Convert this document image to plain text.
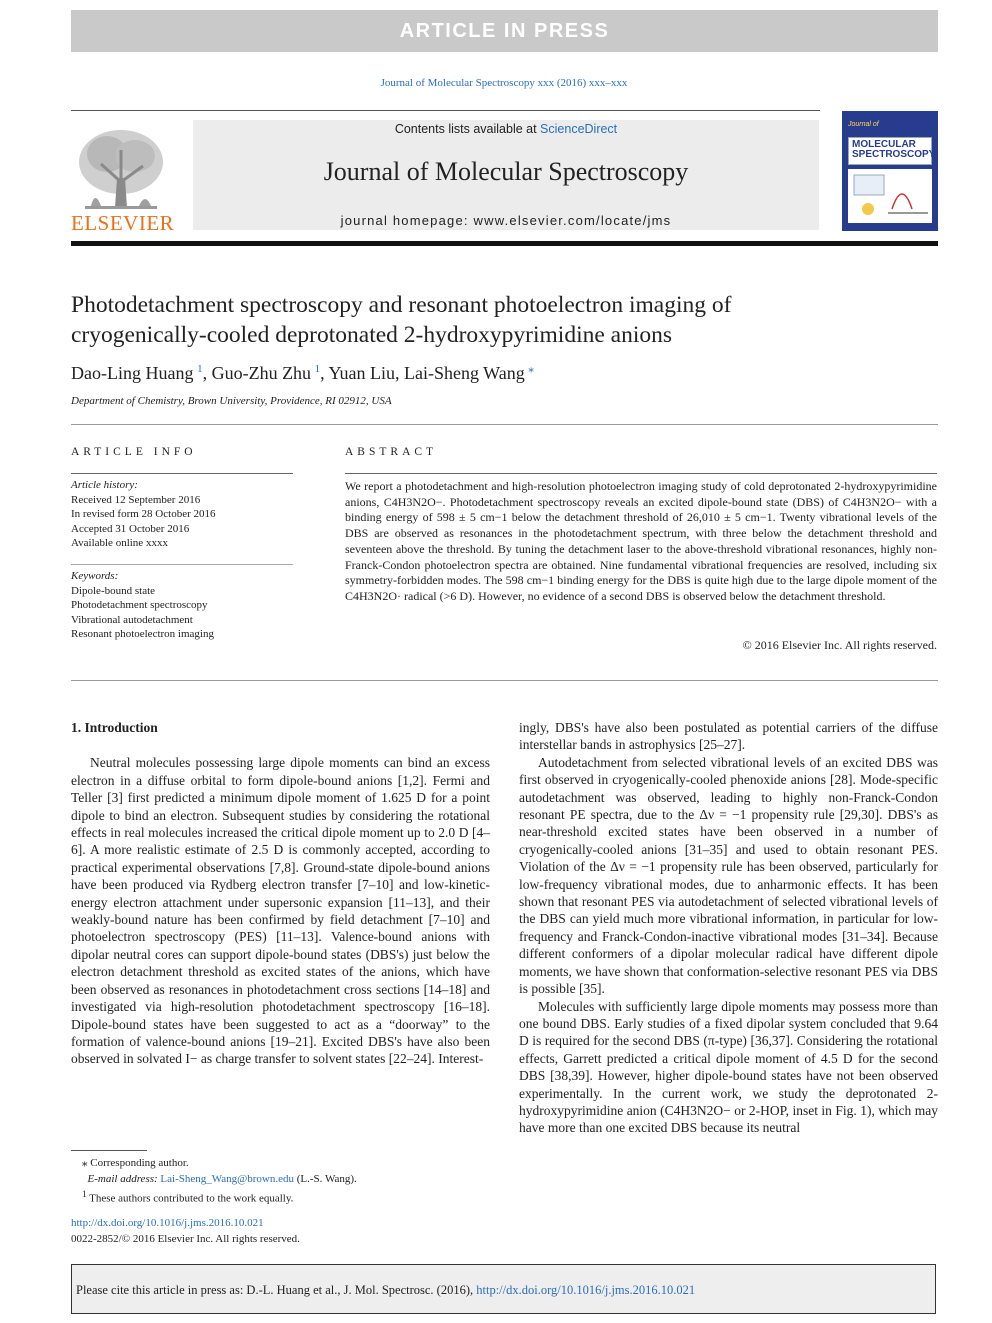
ARTICLE IN PRESS
Journal of Molecular Spectroscopy xxx (2016) xxx–xxx
ELSEVIER
Contents lists available at ScienceDirect
Journal of Molecular Spectroscopy
journal homepage: www.elsevier.com/locate/jms
Journal of
MOLECULAR
SPECTROSCOPY
Photodetachment spectroscopy and resonant photoelectron imaging of
cryogenically-cooled deprotonated 2-hydroxypyrimidine anions
Dao-Ling Huang  $^1$, Guo-Zhu Zhu  $^1$, Yuan Liu, Lai-Sheng Wang  ⁎
Department of Chemistry, Brown University, Providence, RI 02912, USA
ARTICLE INFO	ABSTRACT
Article history:
Received 12 September 2016
In revised form 28 October 2016
Accepted 31 October 2016
Available online xxxx
Keywords:
Dipole-bound state
Photodetachment spectroscopy
Vibrational autodetachment
Resonant photoelectron imaging
We report a photodetachment and high-resolution photoelectron imaging study of cold deprotonated 2-hydroxypyrimidine anions, C4H3N2O−. Photodetachment spectroscopy reveals an excited dipole-bound state (DBS) of C4H3N2O− with a binding energy of 598 ± 5 cm−1 below the detachment threshold of 26,010 ± 5 cm−1. Twenty vibrational levels of the DBS are observed as resonances in the photodetachment spectrum, with three below the detachment threshold and seventeen above the threshold. By tuning the detachment laser to the above-threshold vibrational resonances, highly non-Franck-Condon photoelectron spectra are obtained. Nine fundamental vibrational frequencies are resolved, including six symmetry-forbidden modes. The 598 cm−1 binding energy for the DBS is quite high due to the large dipole moment of the C4H3N2O· radical (>6 D). However, no evidence of a second DBS is observed below the detachment threshold.
© 2016 Elsevier Inc. All rights reserved.
1. Introduction

Neutral molecules possessing large dipole moments can bind an excess electron in a diffuse orbital to form dipole-bound anions [1,2]. Fermi and Teller [3] first predicted a minimum dipole moment of 1.625 D for a point dipole to bind an electron. Subsequent studies by considering the rotational effects in real molecules increased the critical dipole moment up to 2.0 D [4–6]. A more realistic estimate of 2.5 D is commonly accepted, according to practical experimental observations [7,8]. Ground-state dipole-bound anions have been produced via Rydberg electron transfer [7–10] and low-kinetic-energy electron attachment under supersonic expansion [11–13], and their weakly-bound nature has been confirmed by field detachment [7–10] and photoelectron spectroscopy (PES) [11–13]. Valence-bound anions with dipolar neutral cores can support dipole-bound states (DBS's) just below the electron detachment threshold as excited states of the anions, which have been observed as resonances in photodetachment cross sections [14–18] and investigated via high-resolution photodetachment spectroscopy [16–18]. Dipole-bound states have been suggested to act as a “doorway” to the formation of valence-bound anions [19–21]. Excited DBS's have also been observed in solvated I− as charge transfer to solvent states [22–24]. Interest-

ingly, DBS's have also been postulated as potential carriers of the diffuse interstellar bands in astrophysics [25–27].

Autodetachment from selected vibrational levels of an excited DBS was first observed in cryogenically-cooled phenoxide anions [28]. Mode-specific autodetachment was observed, leading to highly non-Franck-Condon resonant PE spectra, due to the Δν = −1 propensity rule [29,30]. DBS's as near-threshold excited states have been observed in a number of cryogenically-cooled anions [31–35] and used to obtain resonant PES. Violation of the Δν = −1 propensity rule has been observed, particularly for low-frequency vibrational modes, due to anharmonic effects. It has been shown that resonant PES via autodetachment of selected vibrational levels of the DBS can yield much more vibrational information, in particular for low-frequency and Franck-Condon-inactive vibrational modes [31–34]. Because different conformers of a dipolar molecular radical have different dipole moments, we have shown that conformation-selective resonant PES via DBS is possible [35].

Molecules with sufficiently large dipole moments may possess more than one bound DBS. Early studies of a fixed dipolar system concluded that 9.64 D is required for the second DBS (π-type) [36,37]. Considering the rotational effects, Garrett predicted a critical dipole moment of 4.5 D for the second DBS [38,39]. However, higher dipole-bound states have not been observed experimentally. In the current work, we study the deprotonated 2-hydroxypyrimidine anion (C4H3N2O− or 2-HOP, inset in Fig. 1), which may have more than one excited DBS because its neutral

 ⁎ Corresponding author.
  E-mail address: Lai-Sheng_Wang@brown.edu (L.-S. Wang).
 $^1$ These authors contributed to the work equally.
http://dx.doi.org/10.1016/j.jms.2016.10.021
0022-2852/© 2016 Elsevier Inc. All rights reserved.
Please cite this article in press as: D.-L. Huang et al., J. Mol. Spectrosc. (2016), http://dx.doi.org/10.1016/j.jms.2016.10.021
